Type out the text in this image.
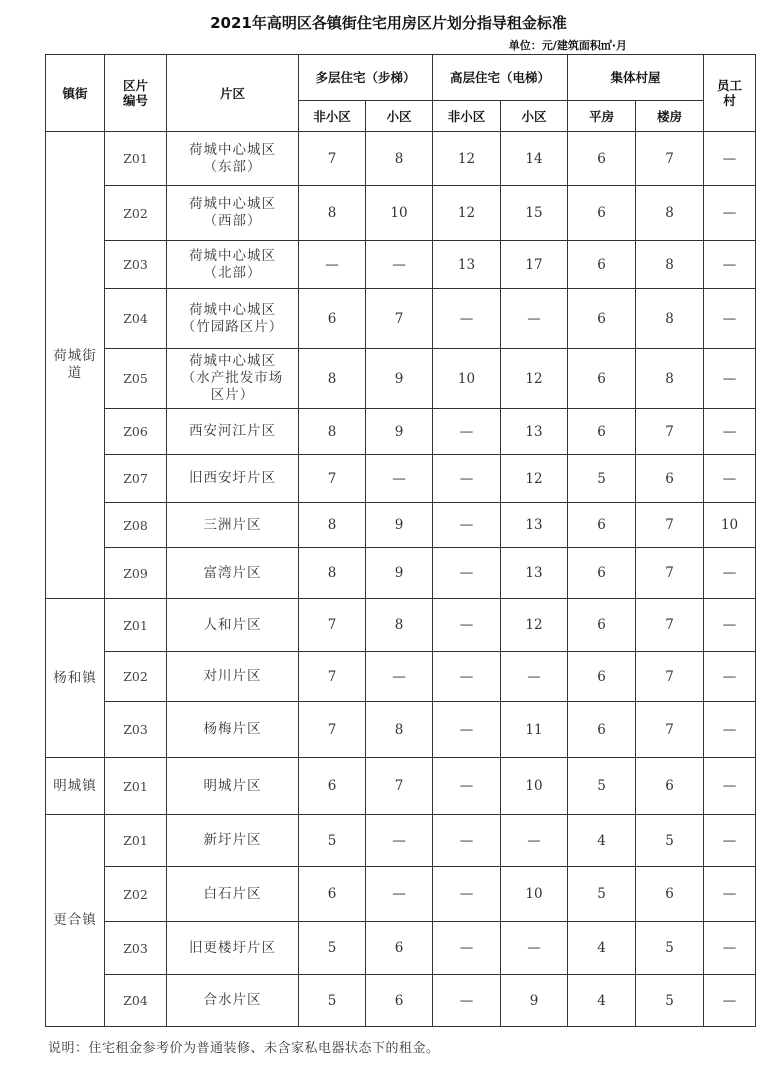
2021年高明区各镇街住宅用房区片划分指导租金标准
单位：元/建筑面积㎡·月
镇街	区片编号	片区	多层住宅（步梯）		高层住宅（电梯）		集体村屋		员工村
			非小区	小区	非小区	小区	平房	楼房	
荷城街道	Z01	荷城中心城区（东部）	7	8	12	14	6	7	—
	Z02	荷城中心城区（西部）	8	10	12	15	6	8	—
	Z03	荷城中心城区（北部）	—	—	13	17	6	8	—
	Z04	荷城中心城区（竹园路区片）	6	7	—	—	6	8	—
	Z05	荷城中心城区（水产批发市场区片）	8	9	10	12	6	8	—
	Z06	西安河江片区	8	9	—	13	6	7	—
	Z07	旧西安圩片区	7	—	—	12	5	6	—
	Z08	三洲片区	8	9	—	13	6	7	10
	Z09	富湾片区	8	9	—	13	6	7	—
杨和镇	Z01	人和片区	7	8	—	12	6	7	—
	Z02	对川片区	7	—	—	—	6	7	—
	Z03	杨梅片区	7	8	—	11	6	7	—
明城镇	Z01	明城片区	6	7	—	10	5	6	—
更合镇	Z01	新圩片区	5	—	—	—	4	5	—
	Z02	白石片区	6	—	—	10	5	6	—
	Z03	旧更楼圩片区	5	6	—	—	4	5	—
	Z04	合水片区	5	6	—	9	4	5	—
说明：住宅租金参考价为普通装修、未含家私电器状态下的租金。
